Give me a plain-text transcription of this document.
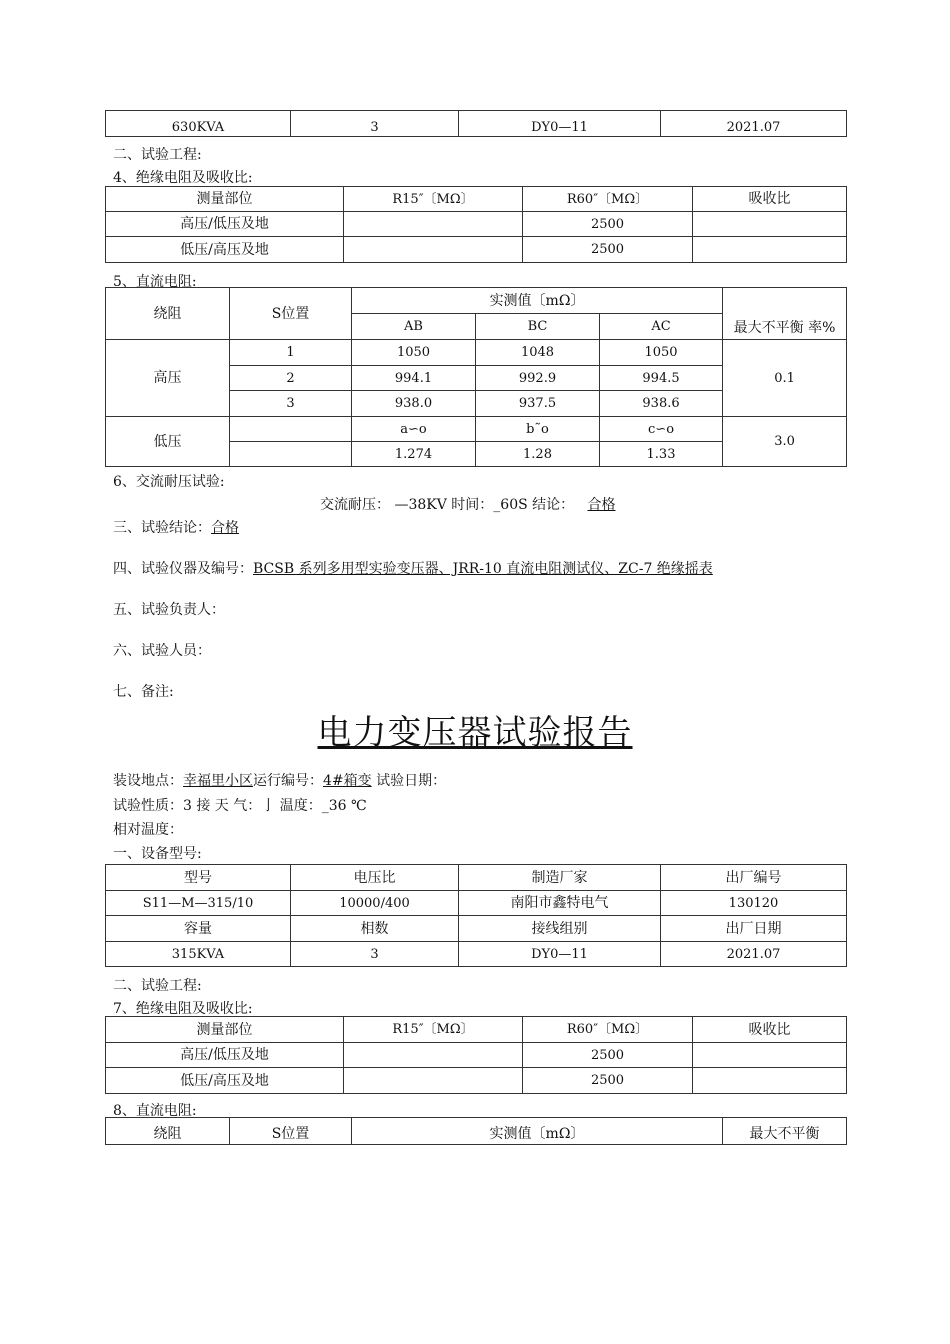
630KVA	3	DY0—11	2021.07
二、试验工程:
4、绝缘电阻及吸收比:
测量部位	R15″〔MΩ〕	R60″〔MΩ〕	吸收比
高压/低压及地		2500	
低压/高压及地		2500	
5、直流电阻:
绕阻	S位置	实测值〔mΩ〕			最大不平衡 率%
		AB	BC	AC	
高压	1	1050	1048	1050	0.1
	2	994.1	992.9	994.5	
	3	938.0	937.5	938.6	
低压		a∽o	b˜o	c∽o	3.0
		1.274	1.28	1.33	
6、交流耐压试验:
交流耐压： —38KV 时间：_60S 结论： 合格
三、试验结论：合格
四、试验仪器及编号：BCSB 系列多用型实验变压器、JRR-10 直流电阻测试仪、ZC-7 绝缘摇表
五、试验负责人：
六、试验人员：
七、备注:
电力变压器试验报告
装设地点：幸福里小区运行编号：4#箱变 试验日期：
试验性质：3 接 天 气：亅 温度：_36 ℃
相对温度：
一、设备型号:
型号	电压比	制造厂家	出厂编号
S11—M—315/10	10000/400	南阳市鑫特电气	130120
容量	相数	接线组别	出厂日期
315KVA	3	DY0—11	2021.07
二、试验工程:
7、绝缘电阻及吸收比:
测量部位	R15″〔MΩ〕	R60″〔MΩ〕	吸收比
高压/低压及地		2500	
低压/高压及地		2500	
8、直流电阻:
绕阻	S位置	实测值〔mΩ〕	最大不平衡
